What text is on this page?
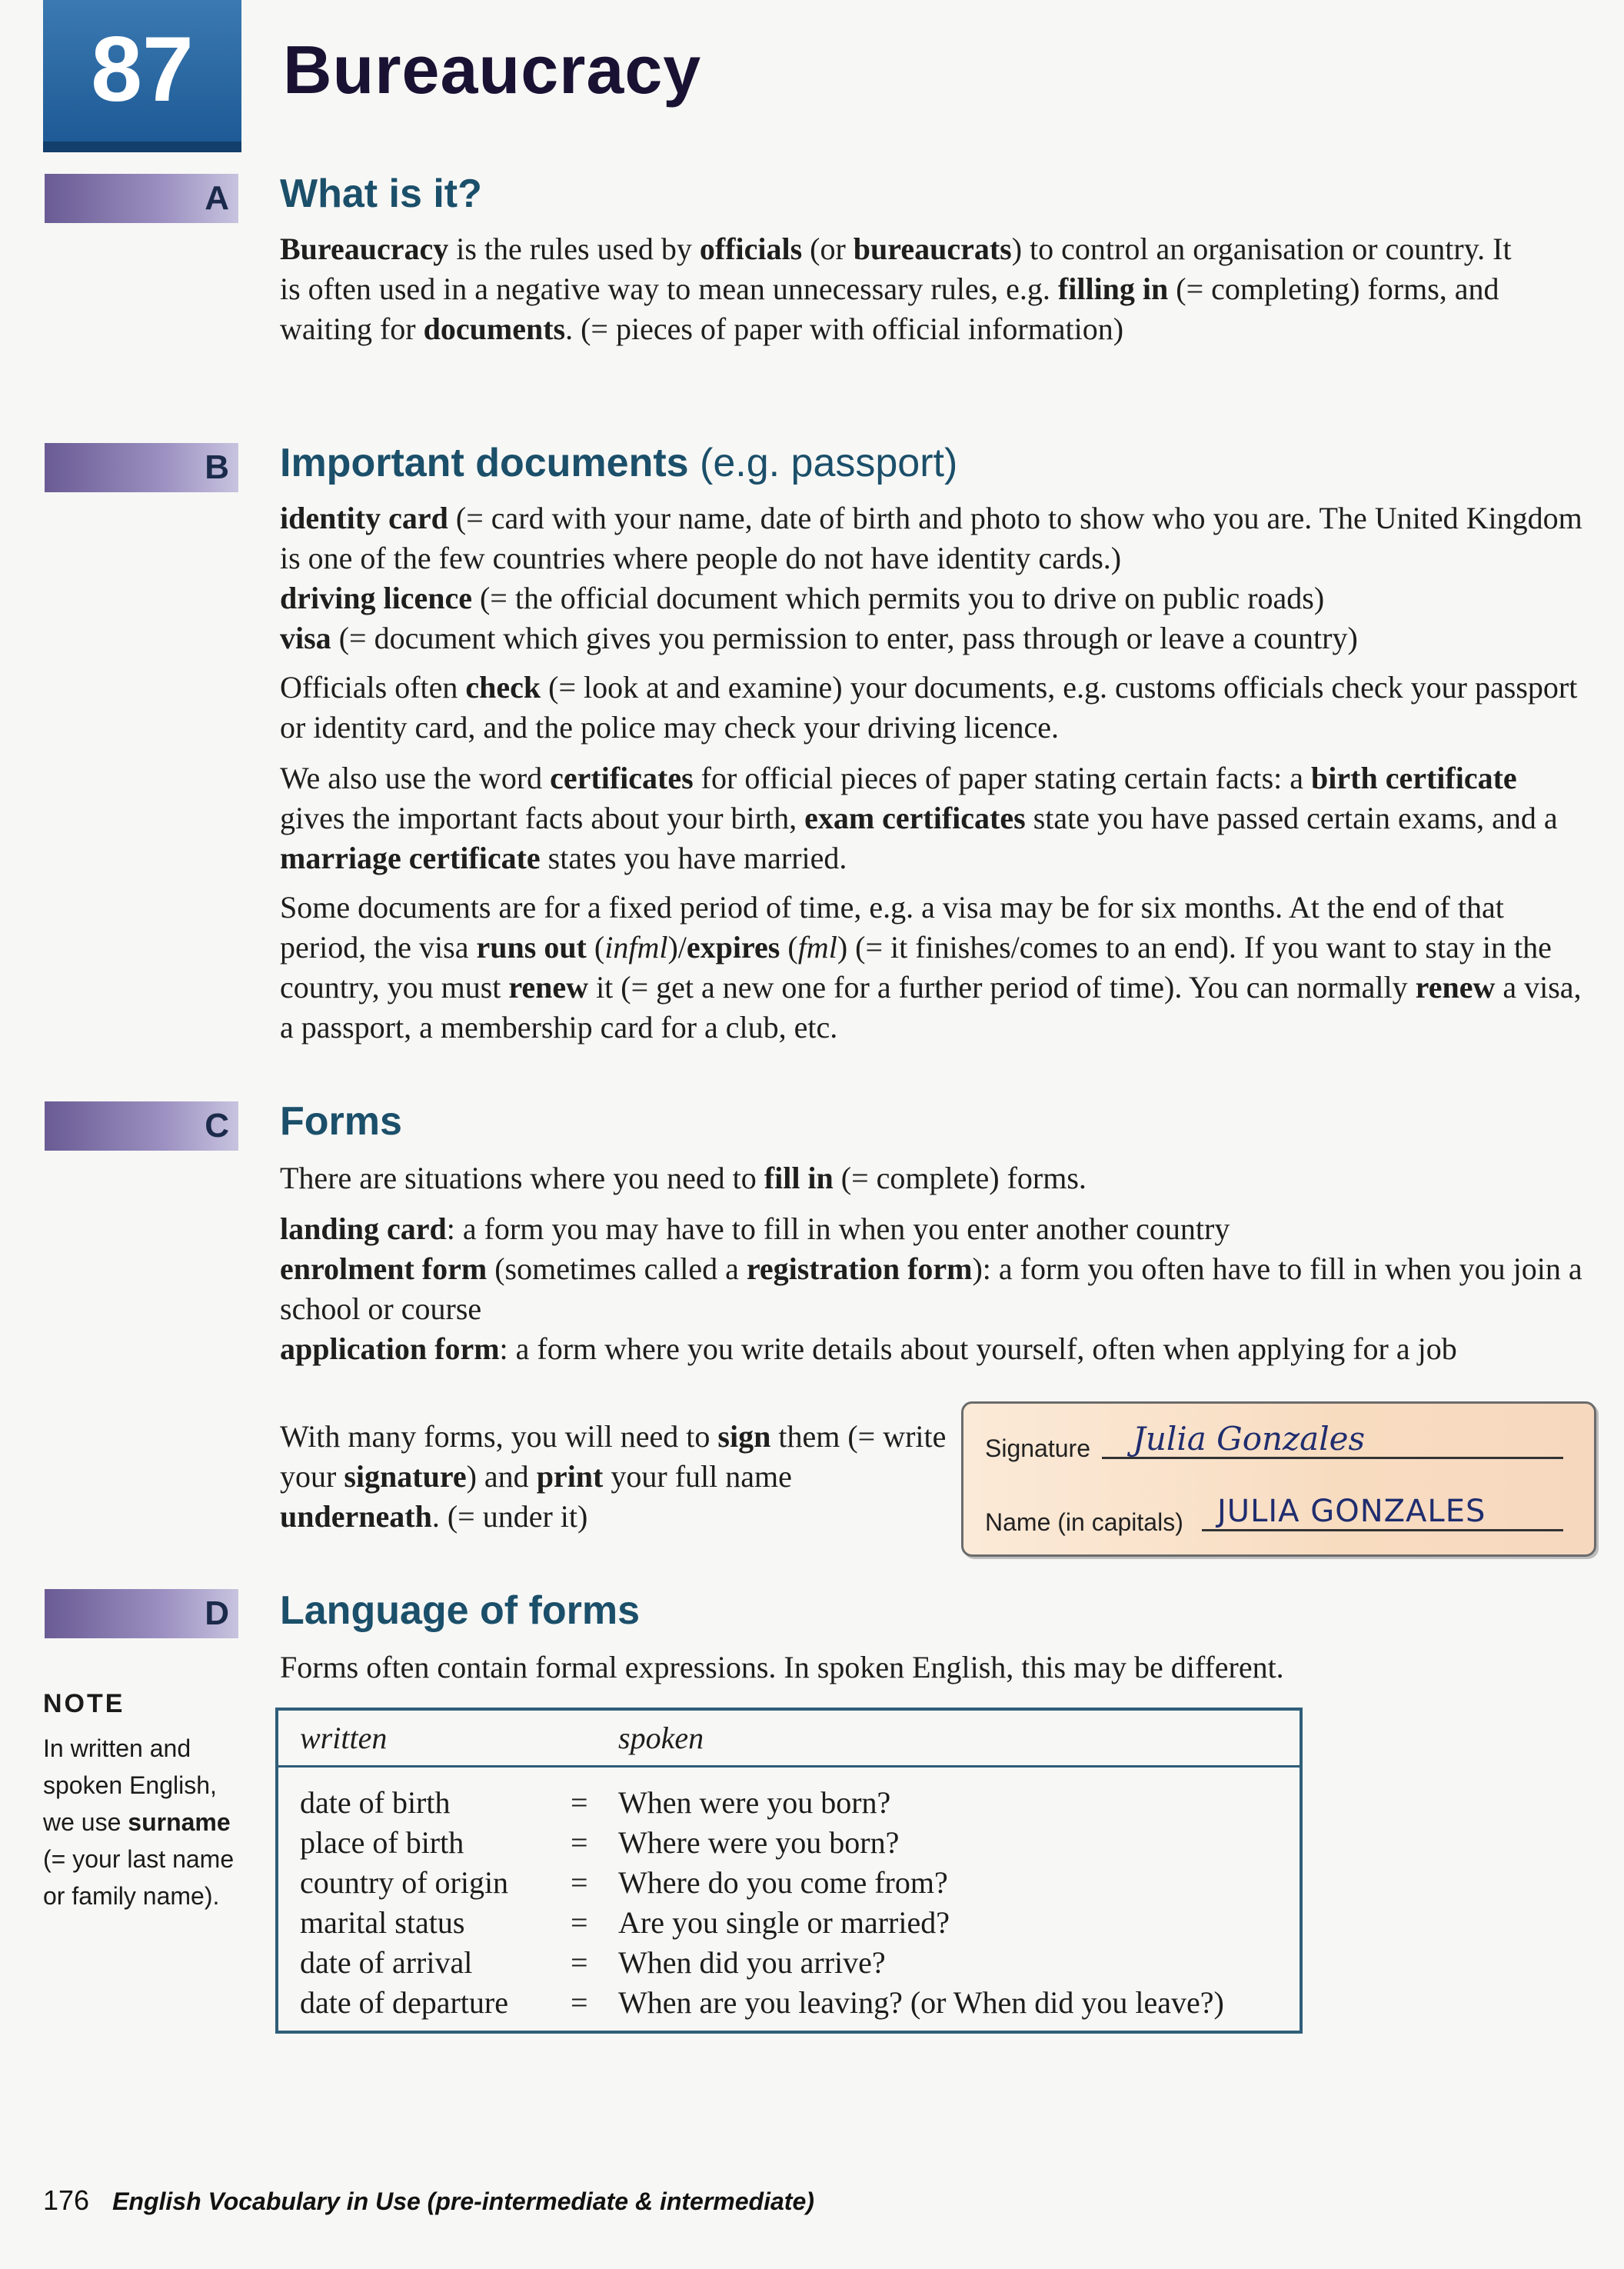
87	Bureaucracy
A What is it?
Bureaucracy is the rules used by officials (or bureaucrats) to control an organisation or country. It is often used in a negative way to mean unnecessary rules, e.g. filling in (= completing) forms, and waiting for documents. (= pieces of paper with official information)
B Important documents (e.g. passport)
identity card (= card with your name, date of birth and photo to show who you are. The United Kingdom is one of the few countries where people do not have identity cards.)
driving licence (= the official document which permits you to drive on public roads)
visa (= document which gives you permission to enter, pass through or leave a country)
Officials often check (= look at and examine) your documents, e.g. customs officials check your passport or identity card, and the police may check your driving licence.
We also use the word certificates for official pieces of paper stating certain facts: a birth certificate gives the important facts about your birth, exam certificates state you have passed certain exams, and a marriage certificate states you have married.
Some documents are for a fixed period of time, e.g. a visa may be for six months. At the end of that period, the visa runs out (infml)/expires (fml) (= it finishes/comes to an end). If you want to stay in the country, you must renew it (= get a new one for a further period of time). You can normally renew a visa, a passport, a membership card for a club, etc.
C Forms
There are situations where you need to fill in (= complete) forms.
landing card: a form you may have to fill in when you enter another country
enrolment form (sometimes called a registration form): a form you often have to fill in when you join a school or course
application form: a form where you write details about yourself, often when applying for a job
With many forms, you will need to sign them (= write your signature) and print your full name underneath. (= under it)
Signature	Julia Gonzales
Name (in capitals)	JULIA GONZALES
D Language of forms
Forms often contain formal expressions. In spoken English, this may be different.
NOTE
In written and spoken English, we use surname (= your last name or family name).
written	spoken
date of birth	= When were you born?
place of birth	= Where were you born?
country of origin = Where do you come from?
marital status	= Are you single or married?
date of arrival	= When did you arrive?
date of departure = When are you leaving? (or When did you leave?)
176 English Vocabulary in Use (pre-intermediate & intermediate)
